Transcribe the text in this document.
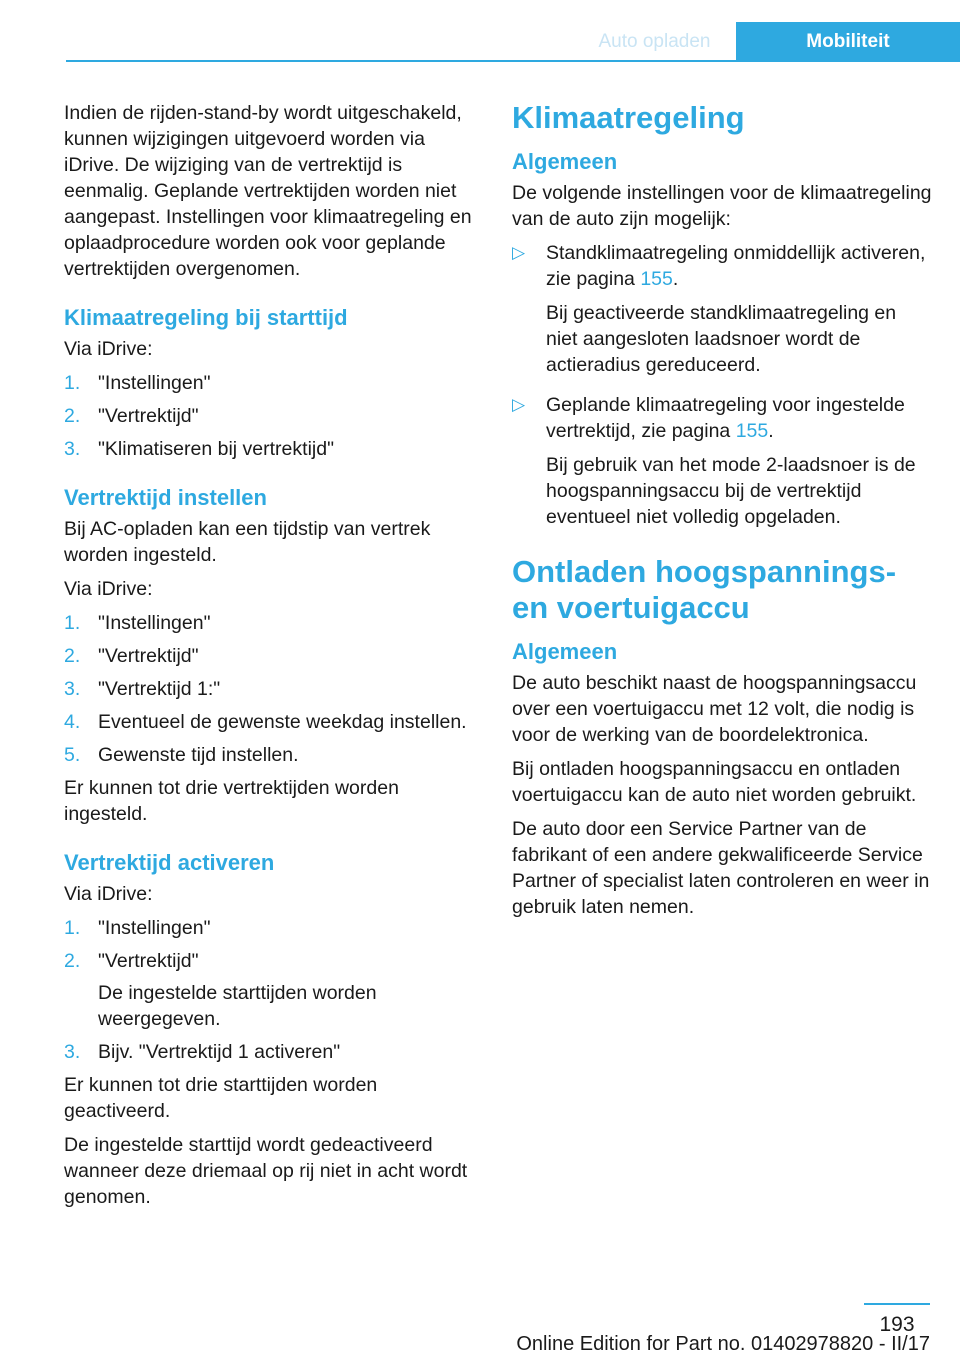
Auto opladen	Mobiliteit

Indien de rijden-stand-by wordt uitgeschakeld, kunnen wijzigingen uitgevoerd worden via iDrive. De wijziging van de vertrektijd is eenmalig. Geplande vertrektijden worden niet aangepast. Instellingen voor klimaatregeling en oplaadprocedure worden ook voor geplande vertrektijden overgenomen.

Klimaatregeling bij starttijd

Via iDrive:

1. "Instellingen"
2. "Vertrektijd"
3. "Klimatiseren bij vertrektijd"
Vertrektijd instellen

Bij AC-opladen kan een tijdstip van vertrek worden ingesteld.

Via iDrive:

1. "Instellingen"
2. "Vertrektijd"
3. "Vertrektijd 1:"
4. Eventueel de gewenste weekdag instellen.
5. Gewenste tijd instellen.

Er kunnen tot drie vertrektijden worden ingesteld.

Vertrektijd activeren

Via iDrive:

1. "Instellingen"
2. "Vertrektijd"
De ingestelde starttijden worden weergegeven.
3. Bijv. "Vertrektijd 1 activeren"

Er kunnen tot drie starttijden worden geactiveerd.

De ingestelde starttijd wordt gedeactiveerd wanneer deze driemaal op rij niet in acht wordt genomen.

Klimaatregeling
Algemeen

De volgende instellingen voor de klimaatregeling van de auto zijn mogelijk:

▷ Standklimaatregeling onmiddellijk activeren, zie pagina 155.
Bij geactiveerde standklimaatregeling en niet aangesloten laadsnoer wordt de actieradius gereduceerd.
▷ Geplande klimaatregeling voor ingestelde vertrektijd, zie pagina 155.
Bij gebruik van het mode 2-laadsnoer is de hoogspanningsaccu bij de vertrektijd eventueel niet volledig opgeladen.
Ontladen hoogspannings- en voertuigaccu
Algemeen

De auto beschikt naast de hoogspanningsaccu over een voertuigaccu met 12 volt, die nodig is voor de werking van de boordelektronica.

Bij ontladen hoogspanningsaccu en ontladen voertuigaccu kan de auto niet worden gebruikt.

De auto door een Service Partner van de fabrikant of een andere gekwalificeerde Service Partner of specialist laten controleren en weer in gebruik laten nemen.

193
Online Edition for Part no. 01402978820 - II/17
